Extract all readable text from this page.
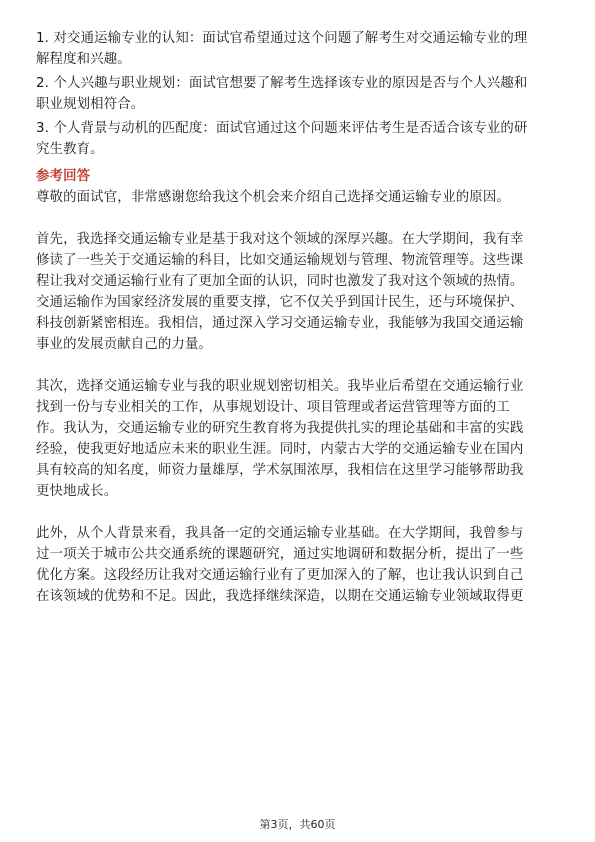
1. 对交通运输专业的认知：面试官希望通过这个问题了解考生对交通运输专业的理
解程度和兴趣。
2. 个人兴趣与职业规划：面试官想要了解考生选择该专业的原因是否与个人兴趣和
职业规划相符合。
3. 个人背景与动机的匹配度：面试官通过这个问题来评估考生是否适合该专业的研
究生教育。
参考回答
尊敬的面试官，非常感谢您给我这个机会来介绍自己选择交通运输专业的原因。
首先，我选择交通运输专业是基于我对这个领域的深厚兴趣。在大学期间，我有幸
修读了一些关于交通运输的科目，比如交通运输规划与管理、物流管理等。这些课
程让我对交通运输行业有了更加全面的认识，同时也激发了我对这个领域的热情。
交通运输作为国家经济发展的重要支撑，它不仅关乎到国计民生，还与环境保护、
科技创新紧密相连。我相信，通过深入学习交通运输专业，我能够为我国交通运输
事业的发展贡献自己的力量。
其次，选择交通运输专业与我的职业规划密切相关。我毕业后希望在交通运输行业
找到一份与专业相关的工作，从事规划设计、项目管理或者运营管理等方面的工
作。我认为，交通运输专业的研究生教育将为我提供扎实的理论基础和丰富的实践
经验，使我更好地适应未来的职业生涯。同时，内蒙古大学的交通运输专业在国内
具有较高的知名度，师资力量雄厚，学术氛围浓厚，我相信在这里学习能够帮助我
更快地成长。
此外，从个人背景来看，我具备一定的交通运输专业基础。在大学期间，我曾参与
过一项关于城市公共交通系统的课题研究，通过实地调研和数据分析，提出了一些
优化方案。这段经历让我对交通运输行业有了更加深入的了解，也让我认识到自己
在该领域的优势和不足。因此，我选择继续深造，以期在交通运输专业领域取得更
第3页，共60页
